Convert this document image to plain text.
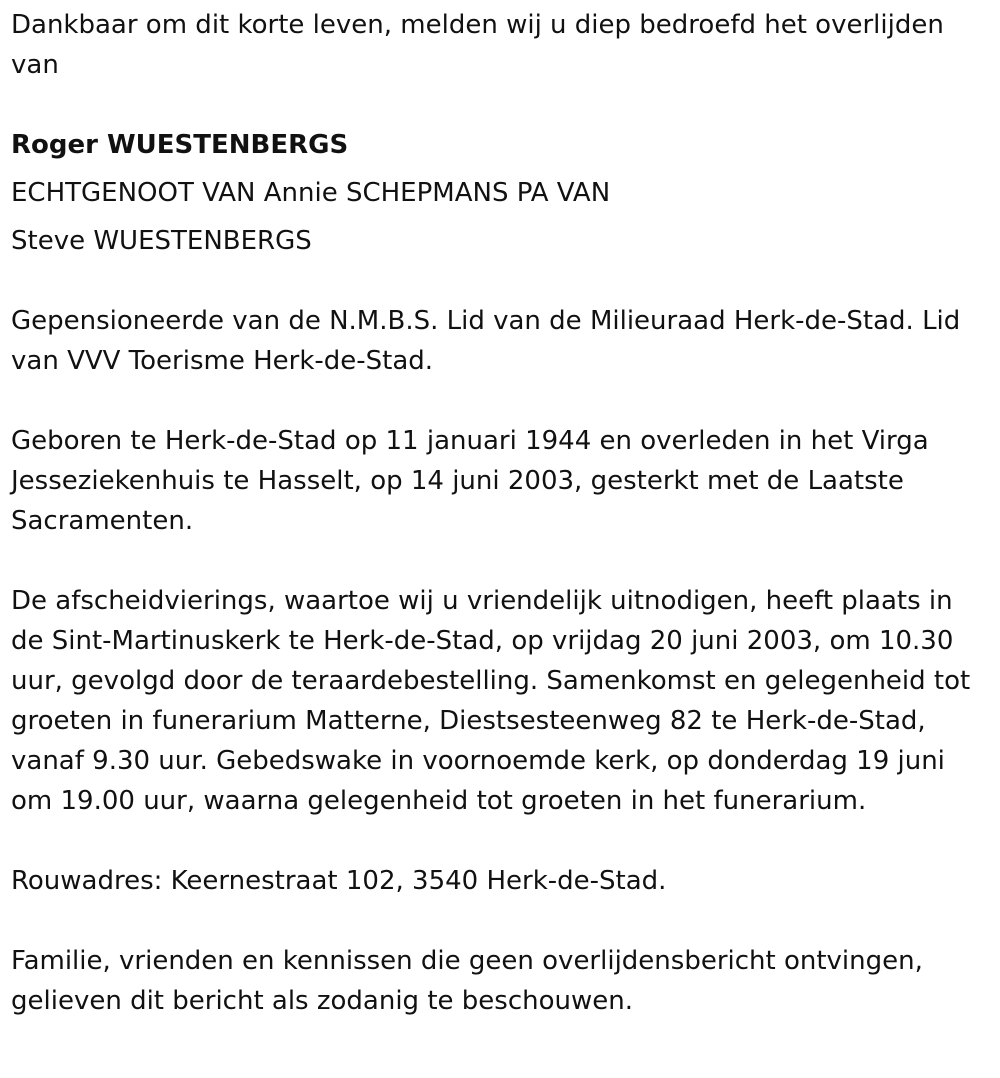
Dankbaar om dit korte leven, melden wij u diep bedroefd het overlijden van

Roger WUESTENBERGS

ECHTGENOOT VAN Annie SCHEPMANS PA VAN

Steve WUESTENBERGS

Gepensioneerde van de N.M.B.S. Lid van de Milieuraad Herk-de-Stad. Lid van VVV Toerisme Herk-de-Stad.

Geboren te Herk-de-Stad op 11 januari 1944 en overleden in het Virga Jesseziekenhuis te Hasselt, op 14 juni 2003, gesterkt met de Laatste Sacramenten.

De afscheidvierings, waartoe wij u vriendelijk uitnodigen, heeft plaats in de Sint-Martinuskerk te Herk-de-Stad, op vrijdag 20 juni 2003, om 10.30 uur, gevolgd door de teraardebestelling. Samenkomst en gelegenheid tot groeten in funerarium Matterne, Diestsesteenweg 82 te Herk-de-Stad, vanaf 9.30 uur. Gebedswake in voornoemde kerk, op donderdag 19 juni om 19.00 uur, waarna gelegenheid tot groeten in het funerarium.

Rouwadres: Keernestraat 102, 3540 Herk-de-Stad.

Familie, vrienden en kennissen die geen overlijdensbericht ontvingen, gelieven dit bericht als zodanig te beschouwen.
